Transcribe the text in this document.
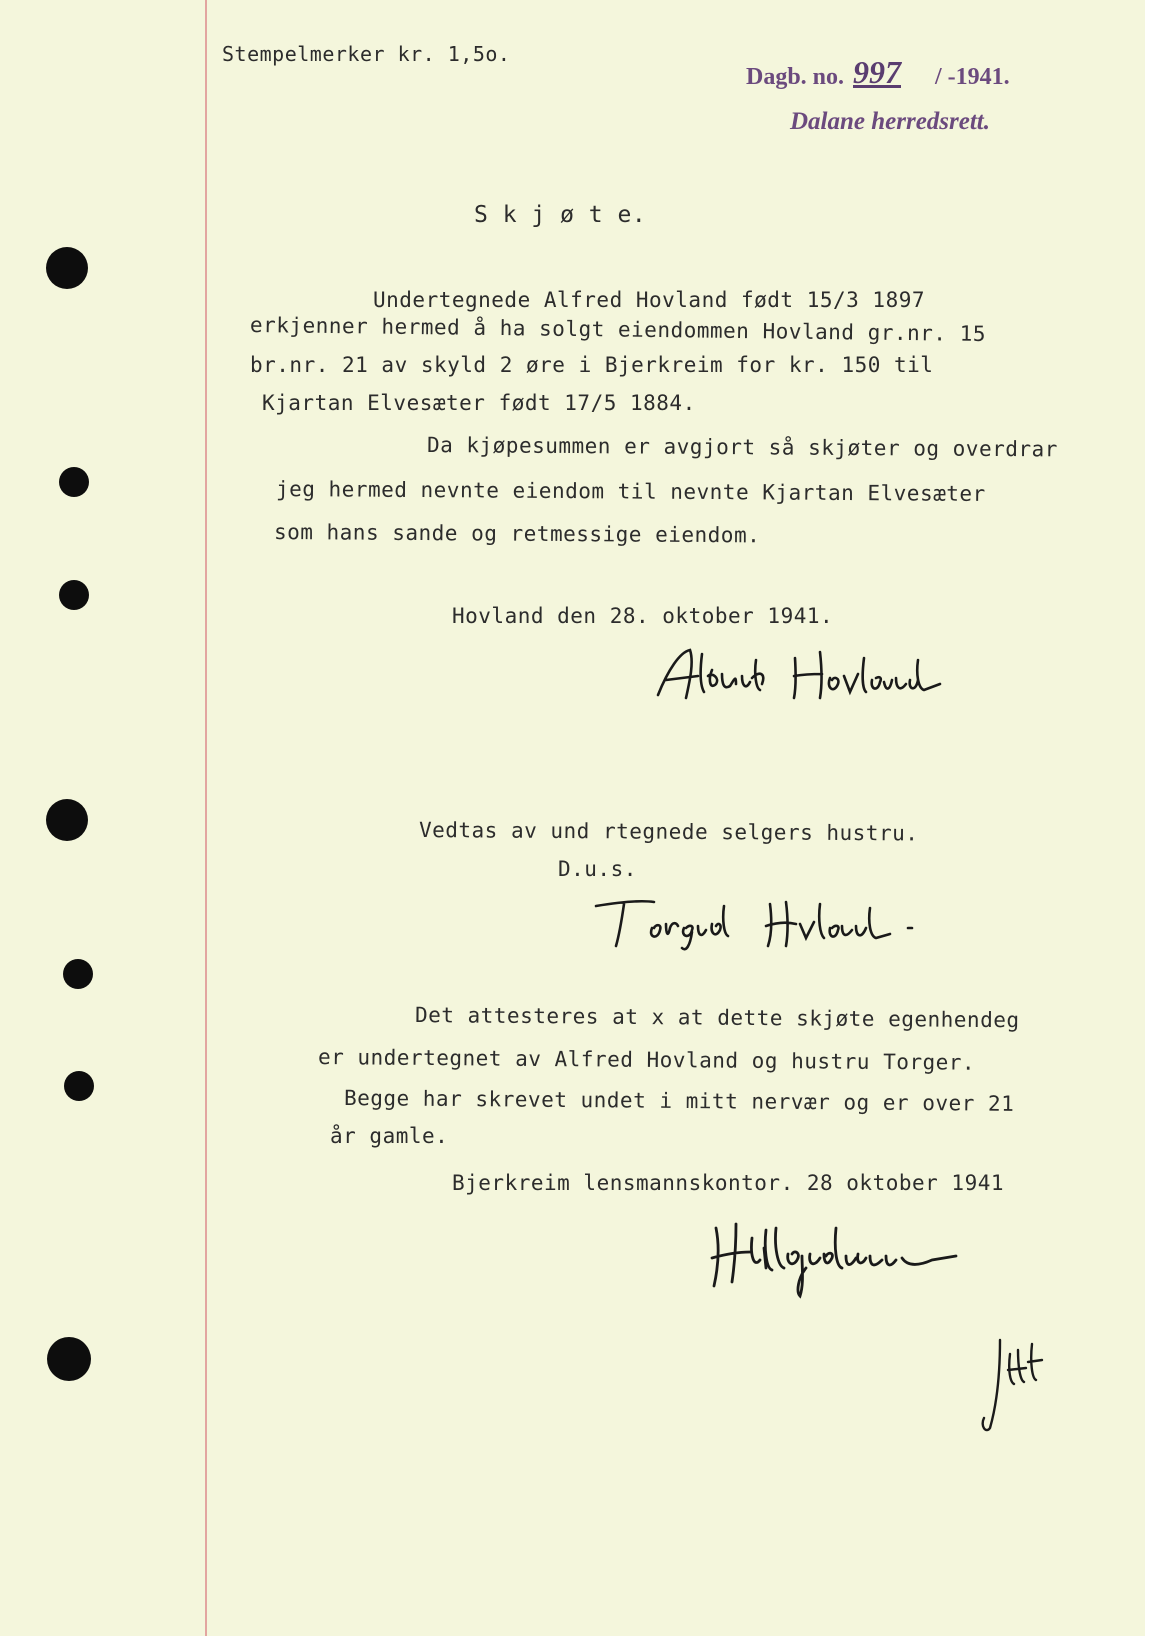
Stempelmerker kr. 1,5o.
Dagb. no. 997 / -1941.
Dalane herredsrett.
S k j ø t e.
Undertegnede Alfred Hovland født 15/3 1897
erkjenner hermed å ha solgt eiendommen Hovland gr.nr. 15
br.nr. 21 av skyld 2 øre i Bjerkreim for kr. 150 til
Kjartan Elvesæter født 17/5 1884.
Da kjøpesummen er avgjort så skjøter og overdrar
jeg hermed nevnte eiendom til nevnte Kjartan Elvesæter
som hans sande og retmessige eiendom.
Hovland den 28. oktober 1941.
Vedtas av und rtegnede selgers hustru.
D.u.s.
Det attesteres at x at dette skjøte egenhendeg
er undertegnet av Alfred Hovland og hustru Torger.
Begge har skrevet undet i mitt nervær og er over 21
år gamle.
Bjerkreim lensmannskontor. 28 oktober 1941
